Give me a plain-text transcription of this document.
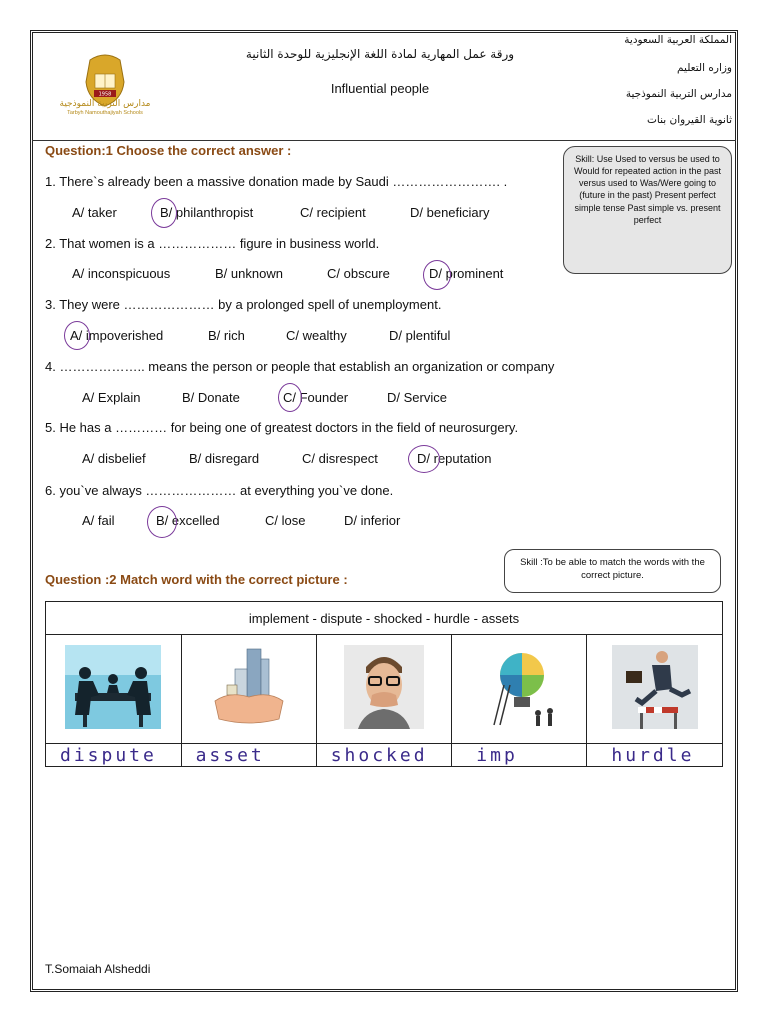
1958
مدارس التربية النموذجية
Tarbyh Namouthajiyah Schools
ورقة عمل المهارية لمادة اللغة الإنجليزية للوحدة الثانية
Influential people
المملكة العربية السعودية
وزاره التعليم
مدارس التربية النموذجية
ثانوية القيروان بنات
Question:1 Choose the correct answer :
Skill: Use Used to versus be used to Would for repeated action in the past versus used to Was/Were going to (future in the past) Present perfect simple tense Past simple vs. present perfect
1. There`s already been a massive donation made by Saudi ……………………. .
A/ taker	B/ philanthropist	C/ recipient	D/ beneficiary
2. That women is a ……………… figure in business world.
A/ inconspicuous	B/ unknown	C/ obscure	D/ prominent
3. They were ………………… by a prolonged spell of unemployment.
A/ impoverished	B/ rich	C/ wealthy	D/ plentiful
4. ……………….. means the person or people that establish an organization or company
A/ Explain	B/ Donate	C/ Founder	D/ Service
5. He has a ………… for being one of greatest doctors in the field of neurosurgery.
A/ disbelief	B/ disregard	C/ disrespect	D/ reputation
6. you`ve always ………………… at everything you`ve done.
A/ fail	B/ excelled	C/ lose	D/ inferior
Skill :To be able to match the words with the correct picture.
Question :2 Match word with the correct picture :
implement - dispute - shocked - hurdle - assets				

dispute	asset	shocked	imp	hurdle
T.Somaiah Alsheddi
